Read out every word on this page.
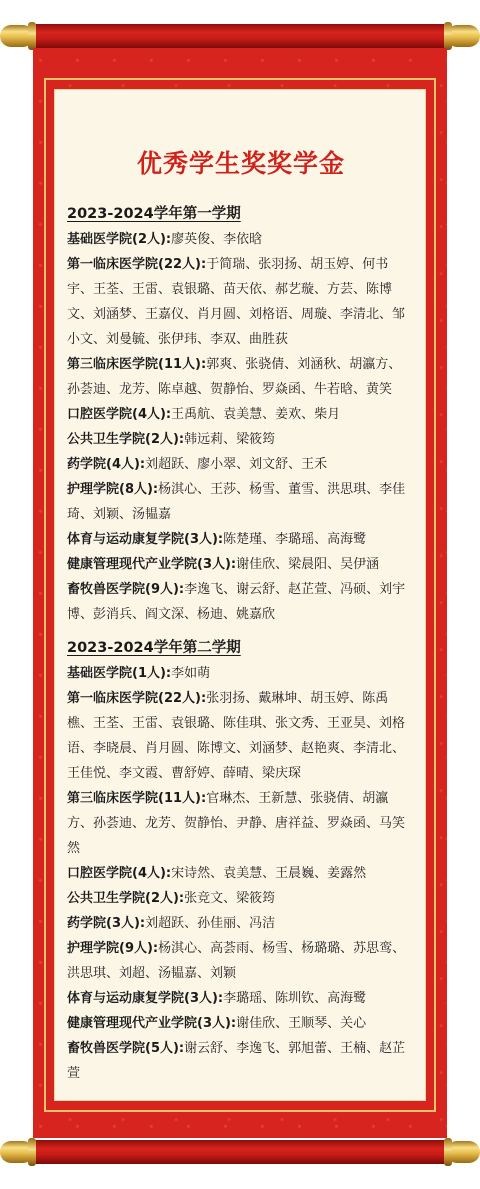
优秀学生奖奖学金
2023-2024学年第一学期
基础医学院(2人):廖英俊、李依晗
第一临床医学院(22人):于简瑞、张羽扬、胡玉婷、何书宇、王荃、王雷、袁银璐、苗天依、郝艺璇、方芸、陈博文、刘涵梦、王嘉仪、肖月圆、刘格语、周璇、李清北、邹小文、刘曼毓、张伊玮、李双、曲胜荻
第三临床医学院(11人):郭爽、张骁倩、刘涵秋、胡瀛方、孙荟迪、龙芳、陈卓越、贺静怡、罗焱函、牛若晗、黄笑
口腔医学院(4人):王禹航、袁美慧、姜欢、柴月
公共卫生学院(2人):韩远莉、梁筱筠
药学院(4人):刘超跃、廖小翠、刘文舒、王禾
护理学院(8人):杨淇心、王莎、杨雪、董雪、洪思琪、李佳琦、刘颖、汤韫嘉
体育与运动康复学院(3人):陈楚瑾、李璐瑶、高海鹭
健康管理现代产业学院(3人):谢佳欣、梁晨阳、吴伊涵
畜牧兽医学院(9人):李逸飞、谢云舒、赵芷萱、冯硕、刘宇博、彭消兵、阎文深、杨迪、姚嘉欣
2023-2024学年第二学期
基础医学院(1人):李如萌
第一临床医学院(22人):张羽扬、戴琳坤、胡玉婷、陈禹樵、王荃、王雷、袁银璐、陈佳琪、张文秀、王亚昊、刘格语、李晓晨、肖月圆、陈博文、刘涵梦、赵艳爽、李清北、王佳悦、李文霞、曹舒婷、薛晴、梁庆琛
第三临床医学院(11人):官琳杰、王新慧、张骁倩、胡瀛方、孙荟迪、龙芳、贺静怡、尹静、唐祥益、罗焱函、马笑然
口腔医学院(4人):宋诗然、袁美慧、王晨巍、姜露然
公共卫生学院(2人):张竞文、梁筱筠
药学院(3人):刘超跃、孙佳丽、冯洁
护理学院(9人):杨淇心、高荟雨、杨雪、杨璐璐、苏思鸾、洪思琪、刘超、汤韫嘉、刘颖
体育与运动康复学院(3人):李璐瑶、陈圳钦、高海鹭
健康管理现代产业学院(3人):谢佳欣、王顺琴、关心
畜牧兽医学院(5人):谢云舒、李逸飞、郭旭蕾、王楠、赵芷萱
